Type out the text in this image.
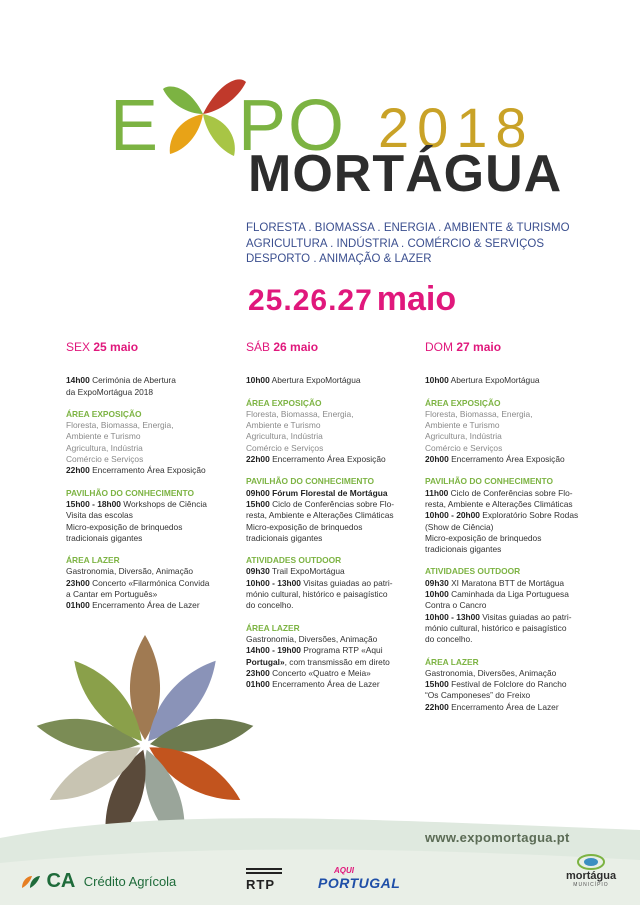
E PO 2018
MORTÁGUA
FLORESTA . BIOMASSA . ENERGIA . AMBIENTE & TURISMO
AGRICULTURA . INDÚSTRIA . COMÉRCIO & SERVIÇOS
DESPORTO . ANIMAÇÃO & LAZER
25.26.27 maio
SEX 25 maio
14h00 Cerimónia de Abertura
da ExpoMortágua 2018
ÁREA EXPOSIÇÃO
Floresta, Biomassa, Energia,
Ambiente e Turismo
Agricultura, Indústria
Comércio e Serviços
22h00 Encerramento Área Exposição
PAVILHÃO DO CONHECIMENTO
15h00 - 18h00 Workshops de Ciência
Visita das escolas
Micro-exposição de brinquedos
tradicionais gigantes
ÁREA LAZER
Gastronomia, Diversão, Animação
23h00 Concerto «Filarmónica Convida
a Cantar em Português»
01h00 Encerramento Área de Lazer
SÁB 26 maio
10h00 Abertura ExpoMortágua
ÁREA EXPOSIÇÃO
Floresta, Biomassa, Energia,
Ambiente e Turismo
Agricultura, Indústria
Comércio e Serviços
22h00 Encerramento Área Exposição
PAVILHÃO DO CONHECIMENTO
09h00 Fórum Florestal de Mortágua
15h00 Ciclo de Conferências sobre Flo-
resta, Ambiente e Alterações Climáticas
Micro-exposição de brinquedos
tradicionais gigantes
ATIVIDADES OUTDOOR
09h30 Trail ExpoMortágua
10h00 - 13h00 Visitas guiadas ao patri-
mónio cultural, histórico e paisagístico
do concelho.
ÁREA LAZER
Gastronomia, Diversões, Animação
14h00 - 19h00 Programa RTP «Aqui
Portugal», com transmissão em direto
23h00 Concerto «Quatro e Meia»
01h00 Encerramento Área de Lazer
DOM 27 maio
10h00 Abertura ExpoMortágua
ÁREA EXPOSIÇÃO
Floresta, Biomassa, Energia,
Ambiente e Turismo
Agricultura, Indústria
Comércio e Serviços
20h00 Encerramento Área Exposição
PAVILHÃO DO CONHECIMENTO
11h00 Ciclo de Conferências sobre Flo-
resta, Ambiente e Alterações Climáticas
10h00 - 20h00 Exploratório Sobre Rodas
(Show de Ciência)
Micro-exposição de brinquedos
tradicionais gigantes
ATIVIDADES OUTDOOR
09h30 XI Maratona BTT de Mortágua
10h00 Caminhada da Liga Portuguesa
Contra o Cancro
10h00 - 13h00 Visitas guiadas ao patri-
mónio cultural, histórico e paisagístico
do concelho.
ÁREA LAZER
Gastronomia, Diversões, Animação
15h00 Festival de Folclore do Rancho
“Os Camponeses” do Freixo
22h00 Encerramento Área de Lazer
www.expomortagua.pt
CA Crédito Agrícola	RTP
AQUI
PORTUGAL	mortágua
MUNICÍPIO
